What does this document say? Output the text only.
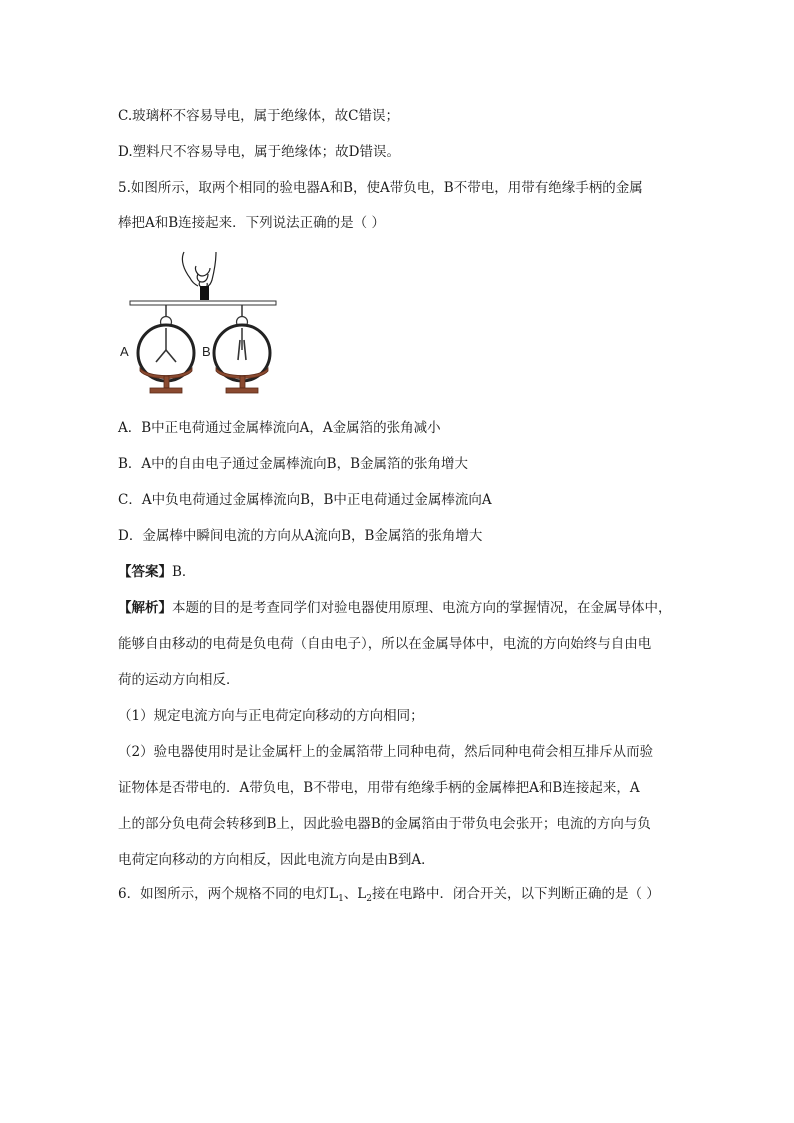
C.玻璃杯不容易导电，属于绝缘体，故C错误；
D.塑料尺不容易导电，属于绝缘体；故D错误。
5.如图所示，取两个相同的验电器A和B，使A带负电，B不带电，用带有绝缘手柄的金属
棒把A和B连接起来．下列说法正确的是（ ）
A	B
A．B中正电荷通过金属棒流向A，A金属箔的张角减小
B．A中的自由电子通过金属棒流向B，B金属箔的张角增大
C．A中负电荷通过金属棒流向B，B中正电荷通过金属棒流向A
D．金属棒中瞬间电流的方向从A流向B，B金属箔的张角增大
【答案】B．
【解析】本题的目的是考查同学们对验电器使用原理、电流方向的掌握情况，在金属导体中，
能够自由移动的电荷是负电荷（自由电子），所以在金属导体中，电流的方向始终与自由电
荷的运动方向相反．
（1）规定电流方向与正电荷定向移动的方向相同；
（2）验电器使用时是让金属杆上的金属箔带上同种电荷，然后同种电荷会相互排斥从而验
证物体是否带电的．A带负电，B不带电，用带有绝缘手柄的金属棒把A和B连接起来，A
上的部分负电荷会转移到B上，因此验电器B的金属箔由于带负电会张开；电流的方向与负
电荷定向移动的方向相反，因此电流方向是由B到A．
6．如图所示，两个规格不同的电灯$L_1$、$L_2$接在电路中．闭合开关，以下判断正确的是（ ）
